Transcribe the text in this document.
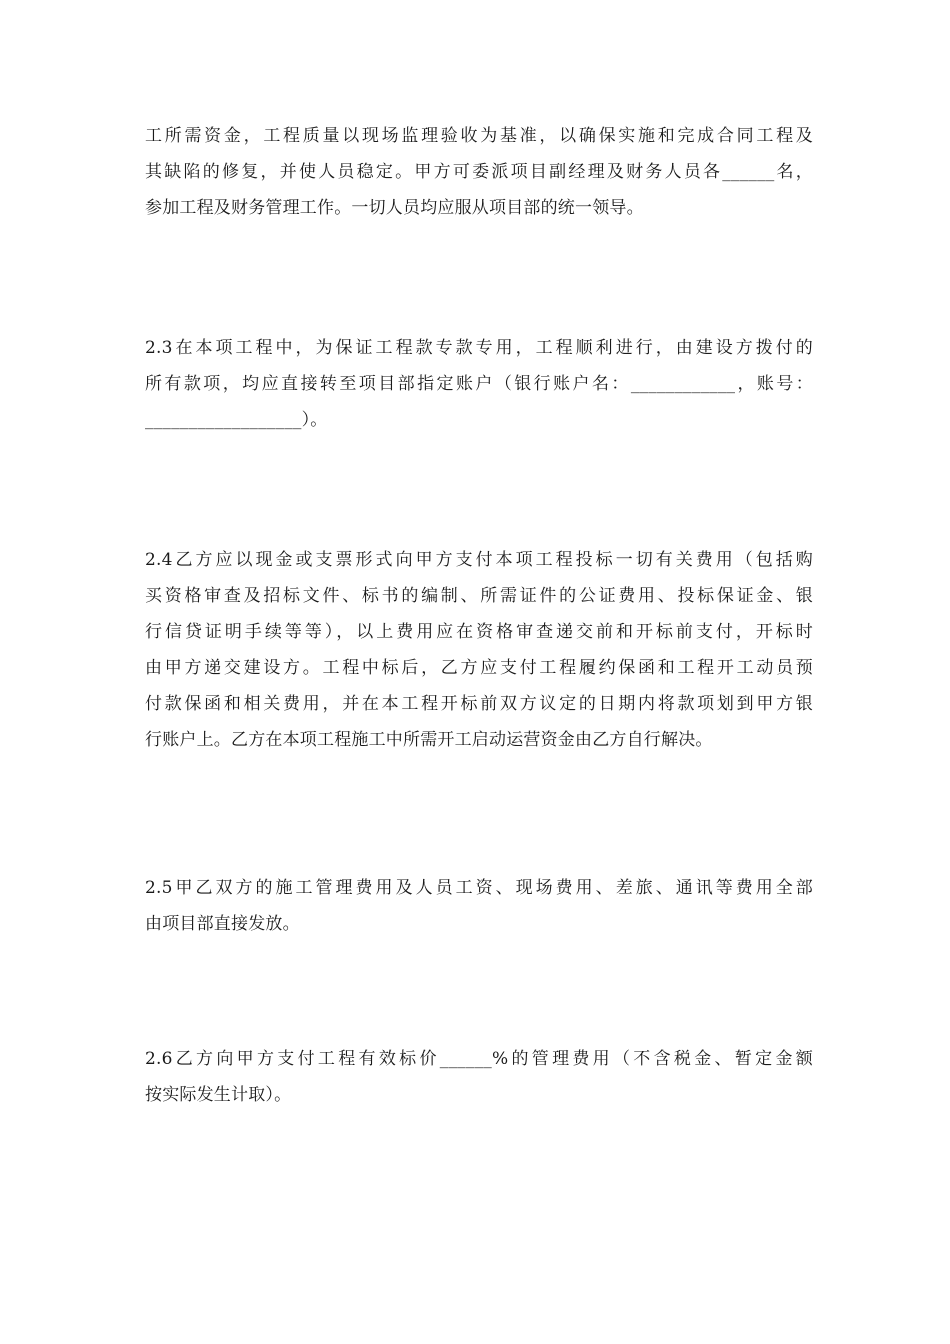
工所需资金，工程质量以现场监理验收为基准，以确保实施和完成合同工程及
其缺陷的修复，并使人员稳定。甲方可委派项目副经理及财务人员各______名，
参加工程及财务管理工作。一切人员均应服从项目部的统一领导。
2.3在本项工程中，为保证工程款专款专用，工程顺利进行，由建设方拨付的
所有款项，均应直接转至项目部指定账户（银行账户名：____________，账号：
__________________）。
2.4乙方应以现金或支票形式向甲方支付本项工程投标一切有关费用（包括购
买资格审查及招标文件、标书的编制、所需证件的公证费用、投标保证金、银
行信贷证明手续等等），以上费用应在资格审查递交前和开标前支付，开标时
由甲方递交建设方。工程中标后，乙方应支付工程履约保函和工程开工动员预
付款保函和相关费用，并在本工程开标前双方议定的日期内将款项划到甲方银
行账户上。乙方在本项工程施工中所需开工启动运营资金由乙方自行解决。
2.5甲乙双方的施工管理费用及人员工资、现场费用、差旅、通讯等费用全部
由项目部直接发放。
2.6乙方向甲方支付工程有效标价______%的管理费用（不含税金、暂定金额
按实际发生计取）。
